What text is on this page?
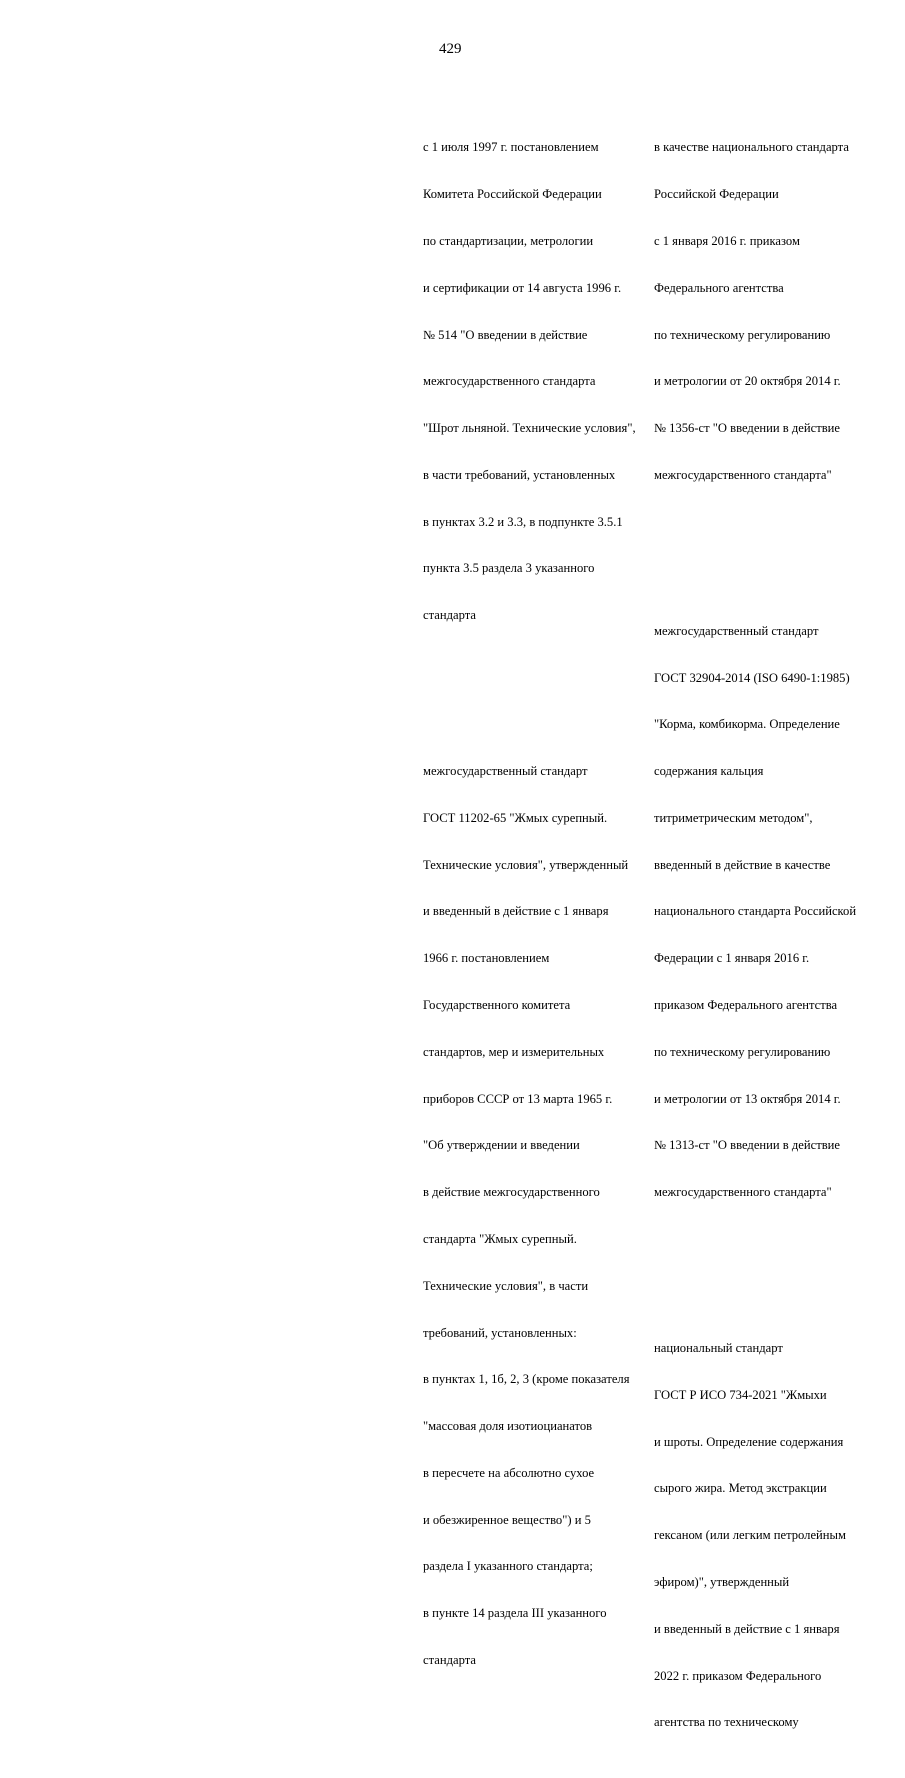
429

с 1 июля 1997 г. постановлением

Комитета Российской Федерации

по стандартизации, метрологии

и сертификации от 14 августа 1996 г.

№ 514 "О введении в действие

межгосударственного стандарта

"Шрот льняной. Технические условия",

в части требований, установленных

в пунктах 3.2 и 3.3, в подпункте 3.5.1

пункта 3.5 раздела 3 указанного

стандарта

межгосударственный стандарт

ГОСТ 11202-65 "Жмых сурепный.

Технические условия", утвержденный

и введенный в действие с 1 января

1966 г. постановлением

Государственного комитета

стандартов, мер и измерительных

приборов СССР от 13 марта 1965 г.

"Об утверждении и введении

в действие межгосударственного

стандарта "Жмых сурепный.

Технические условия", в части

требований, установленных:

в пунктах 1, 1б, 2, 3 (кроме показателя

"массовая доля изотиоцианатов

в пересчете на абсолютно сухое

и обезжиренное вещество") и 5

раздела I указанного стандарта;

в пункте 14 раздела III указанного

стандарта

в качестве национального стандарта

Российской Федерации

с 1 января 2016 г. приказом

Федерального агентства

по техническому регулированию

и метрологии от 20 октября 2014 г.

№ 1356-ст "О введении в действие

межгосударственного стандарта"

межгосударственный стандарт

ГОСТ 32904-2014 (ISO 6490-1:1985)

"Корма, комбикорма. Определение

содержания кальция

титриметрическим методом",

введенный в действие в качестве

национального стандарта Российской

Федерации с 1 января 2016 г.

приказом Федерального агентства

по техническому регулированию

и метрологии от 13 октября 2014 г.

№ 1313-ст "О введении в действие

межгосударственного стандарта"

национальный стандарт

ГОСТ Р ИСО 734-2021 "Жмыхи

и шроты. Определение содержания

сырого жира. Метод экстракции

гексаном (или легким петролейным

эфиром)", утвержденный

и введенный в действие с 1 января

2022 г. приказом Федерального

агентства по техническому
